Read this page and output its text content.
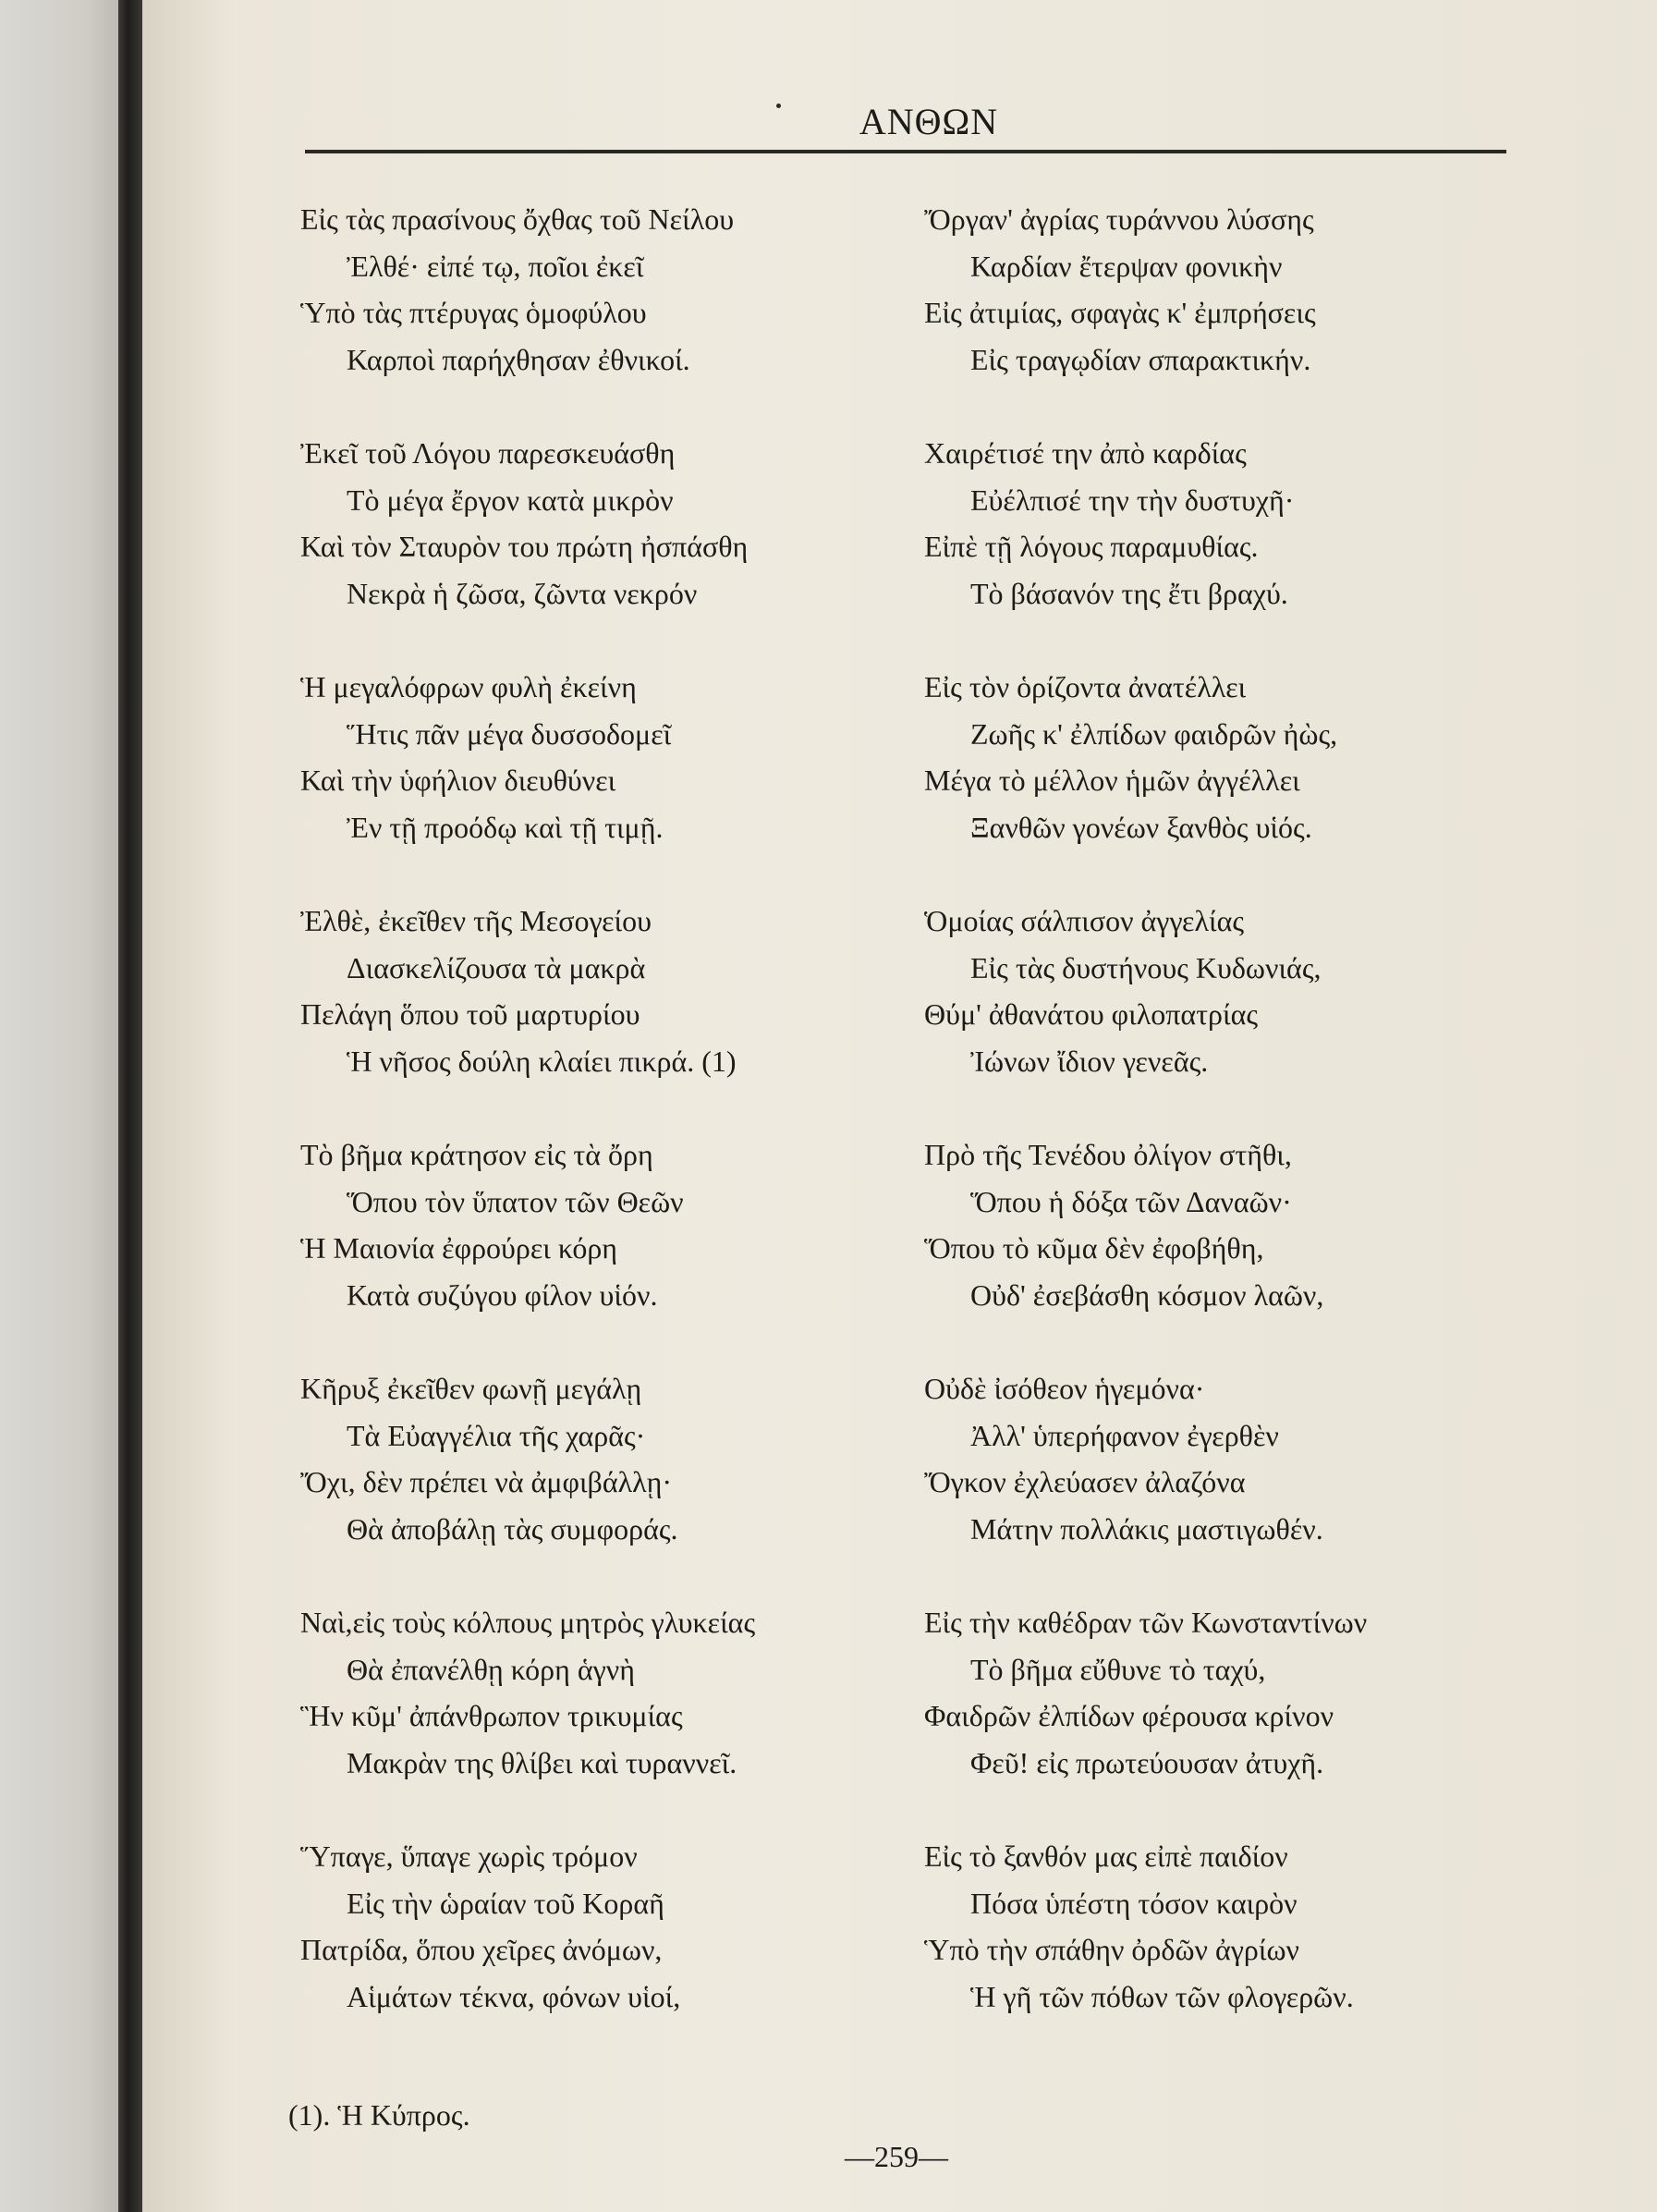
ΑΝΘΩΝ
Εἰς τὰς πρασίνους ὄχθας τοῦ Νείλου
Ἐλθέ· εἰπέ τῳ, ποῖοι ἐκεῖ
Ὑπὸ τὰς πτέρυγας ὁμοφύλου
Καρποὶ παρήχθησαν ἐθνικοί.
Ἐκεῖ τοῦ Λόγου παρεσκευάσθη
Τὸ μέγα ἔργον κατὰ μικρὸν
Καὶ τὸν Σταυρὸν του πρώτη ἠσπάσθη
Νεκρὰ ἡ ζῶσα, ζῶντα νεκρόν
Ἡ μεγαλόφρων φυλὴ ἐκείνη
Ἥτις πᾶν μέγα δυσσοδομεῖ
Καὶ τὴν ὑφήλιον διευθύνει
Ἐν τῇ προόδῳ καὶ τῇ τιμῇ.
Ἐλθὲ, ἐκεῖθεν τῆς Μεσογείου
Διασκελίζουσα τὰ μακρὰ
Πελάγη ὅπου τοῦ μαρτυρίου
Ἡ νῆσος δούλη κλαίει πικρά. (1)
Τὸ βῆμα κράτησον εἰς τὰ ὄρη
Ὅπου τὸν ὕπατον τῶν Θεῶν
Ἡ Μαιονία ἐφρούρει κόρη
Κατὰ συζύγου φίλον υἱόν.
Κῆρυξ ἐκεῖθεν φωνῇ μεγάλῃ
Τὰ Εὐαγγέλια τῆς χαρᾶς·
Ὄχι, δὲν πρέπει νὰ ἀμφιβάλλῃ·
Θὰ ἀποβάλῃ τὰς συμφοράς.
Ναὶ,εἰς τοὺς κόλπους μητρὸς γλυκείας
Θὰ ἐπανέλθῃ κόρη ἁγνὴ
Ἣν κῦμ' ἀπάνθρωπον τρικυμίας
Μακρὰν της θλίβει καὶ τυραννεῖ.
Ὕπαγε, ὕπαγε χωρὶς τρόμον
Εἰς τὴν ὡραίαν τοῦ Κοραῆ
Πατρίδα, ὅπου χεῖρες ἀνόμων,
Αἱμάτων τέκνα, φόνων υἱοί,
Ὄργαν' ἀγρίας τυράννου λύσσης
Καρδίαν ἔτερψαν φονικὴν
Εἰς ἀτιμίας, σφαγὰς κ' ἐμπρήσεις
Εἰς τραγῳδίαν σπαρακτικήν.
Χαιρέτισέ την ἀπὸ καρδίας
Εὐέλπισέ την τὴν δυστυχῆ·
Εἰπὲ τῇ λόγους παραμυθίας.
Τὸ βάσανόν της ἔτι βραχύ.
Εἰς τὸν ὁρίζοντα ἀνατέλλει
Ζωῆς κ' ἐλπίδων φαιδρῶν ἠὼς,
Μέγα τὸ μέλλον ἡμῶν ἀγγέλλει
Ξανθῶν γονέων ξανθὸς υἱός.
Ὁμοίας σάλπισον ἀγγελίας
Εἰς τὰς δυστήνους Κυδωνιάς,
Θύμ' ἀθανάτου φιλοπατρίας
Ἰώνων ἴδιον γενεᾶς.
Πρὸ τῆς Τενέδου ὀλίγον στῆθι,
Ὅπου ἡ δόξα τῶν Δαναῶν·
Ὅπου τὸ κῦμα δὲν ἐφοβήθη,
Οὐδ' ἐσεβάσθη κόσμον λαῶν,
Οὐδὲ ἰσόθεον ἡγεμόνα·
Ἀλλ' ὑπερήφανον ἐγερθὲν
Ὄγκον ἐχλεύασεν ἀλαζόνα
Μάτην πολλάκις μαστιγωθέν.
Εἰς τὴν καθέδραν τῶν Κωνσταντίνων
Τὸ βῆμα εὔθυνε τὸ ταχύ,
Φαιδρῶν ἐλπίδων φέρουσα κρίνον
Φεῦ! εἰς πρωτεύουσαν ἀτυχῆ.
Εἰς τὸ ξανθόν μας εἰπὲ παιδίον
Πόσα ὑπέστη τόσον καιρὸν
Ὑπὸ τὴν σπάθην ὀρδῶν ἀγρίων
Ἡ γῆ τῶν πόθων τῶν φλογερῶν.
(1). Ἡ Κύπρος.
—259—
